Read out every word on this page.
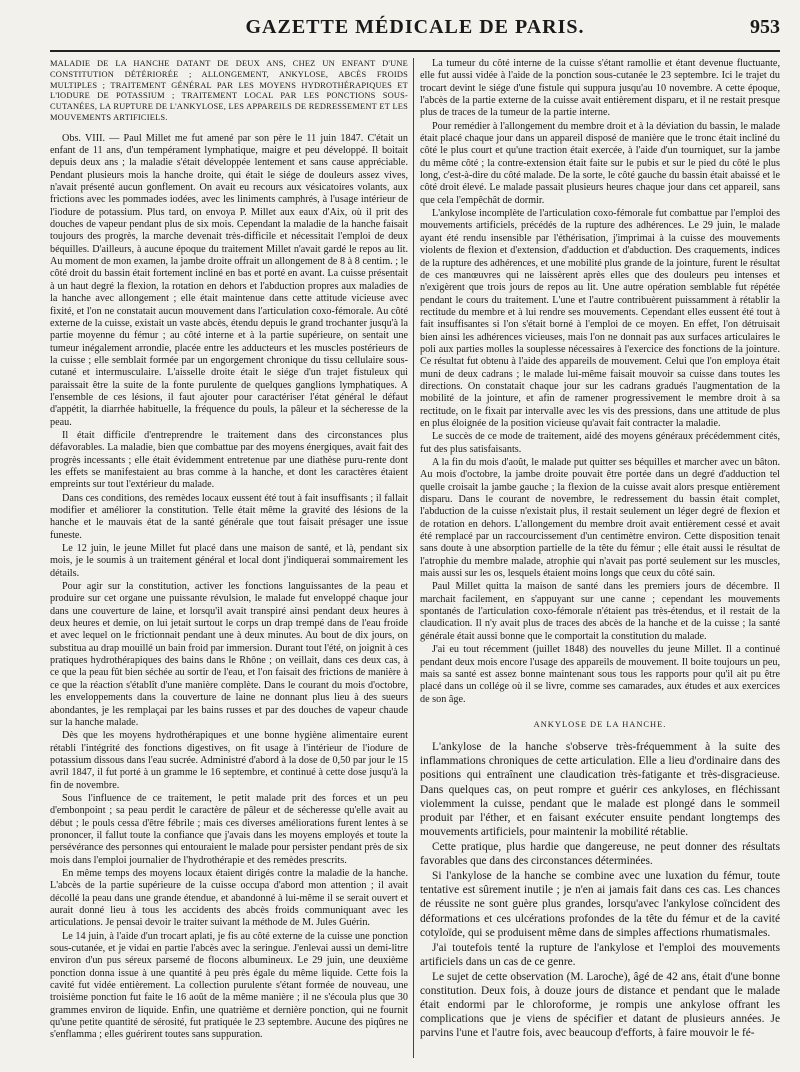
GAZETTE MÉDICALE DE PARIS.	953
MALADIE DE LA HANCHE DATANT DE DEUX ANS, CHEZ UN ENFANT D'UNE CONSTITUTION DÉTÉRIORÉE ; ALLONGEMENT, ANKYLOSE, ABCÈS FROIDS MULTIPLES ; TRAITEMENT GÉNÉRAL PAR LES MOYENS HYDROTHÉRAPIQUES ET L'IODURE DE POTASSIUM ; TRAITEMENT LOCAL PAR LES PONCTIONS SOUS-CUTANÉES, LA RUPTURE DE L'ANKYLOSE, LES APPAREILS DE REDRESSEMENT ET LES MOUVEMENTS ARTIFICIELS.

Obs. VIII. — Paul Millet me fut amené par son père le 11 juin 1847. C'était un enfant de 11 ans, d'un tempérament lymphatique, maigre et peu développé. Il boitait depuis deux ans ; la maladie s'était développée lentement et sans cause appréciable. Pendant plusieurs mois la hanche droite, qui était le siége de douleurs assez vives, n'avait présenté aucun gonflement. On avait eu recours aux vésicatoires volants, aux frictions avec les pommades iodées, avec les liniments camphrés, à l'usage intérieur de l'iodure de potassium. Plus tard, on envoya P. Millet aux eaux d'Aix, où il prit des douches de vapeur pendant plus de six mois. Cependant la maladie de la hanche faisait toujours des progrès, la marche devenait très-difficile et nécessitait l'emploi de deux béquilles. D'ailleurs, à aucune époque du traitement Millet n'avait gardé le repos au lit. Au moment de mon examen, la jambe droite offrait un allongement de 8 à 8 centim. ; le côté droit du bassin était fortement incliné en bas et porté en avant. La cuisse présentait à un haut degré la flexion, la rotation en dehors et l'abduction propres aux maladies de la hanche avec allongement ; elle était maintenue dans cette attitude vicieuse avec fixité, et l'on ne constatait aucun mouvement dans l'articulation coxo-fémorale. Au côté externe de la cuisse, existait un vaste abcès, étendu depuis le grand trochanter jusqu'à la partie moyenne du fémur ; au côté interne et à la partie supérieure, on sentait une tumeur inégalement arrondie, placée entre les adducteurs et les muscles postérieurs de la cuisse ; elle semblait formée par un engorgement chronique du tissu cellulaire sous-cutané et intermusculaire. L'aisselle droite était le siége d'un trajet fistuleux qui paraissait être la suite de la fonte purulente de quelques ganglions lymphatiques. A l'ensemble de ces lésions, il faut ajouter pour caractériser l'état général le défaut d'appétit, la diarrhée habituelle, la fréquence du pouls, la pâleur et la sécheresse de la peau.

Il était difficile d'entreprendre le traitement dans des circonstances plus défavorables. La maladie, bien que combattue par des moyens énergiques, avait fait des progrès incessants ; elle était évidemment entretenue par une diathèse puru-rente dont les effets se manifestaient au bras comme à la hanche, et dont les caractères étaient empreints sur tout l'extérieur du malade.

Dans ces conditions, des remèdes locaux eussent été tout à fait insuffisants ; il fallait modifier et améliorer la constitution. Telle était même la gravité des lésions de la hanche et le mauvais état de la santé générale que tout faisait présager une issue funeste.

Le 12 juin, le jeune Millet fut placé dans une maison de santé, et là, pendant six mois, je le soumis à un traitement général et local dont j'indiquerai sommairement les détails.

Pour agir sur la constitution, activer les fonctions languissantes de la peau et produire sur cet organe une puissante révulsion, le malade fut enveloppé chaque jour dans une couverture de laine, et lorsqu'il avait transpiré ainsi pendant deux heures à deux heures et demie, on lui jetait surtout le corps un drap trempé dans de l'eau froide et avec lequel on le frictionnait pendant une à deux minutes. Au bout de dix jours, on substitua au drap mouillé un bain froid par immersion. Durant tout l'été, on joignit à ces pratiques hydrothérapiques des bains dans le Rhône ; on veillait, dans ces deux cas, à ce que la peau fût bien séchée au sortir de l'eau, et l'on faisait des frictions de manière à ce que la réaction s'établît d'une manière complète. Dans le courant du mois d'octobre, les enveloppements dans la couverture de laine ne donnant plus lieu à des sueurs abondantes, je les remplaçai par les bains russes et par des douches de vapeur chaude sur la hanche malade.

Dès que les moyens hydrothérapiques et une bonne hygiène alimentaire eurent rétabli l'intégrité des fonctions digestives, on fit usage à l'intérieur de l'iodure de potassium dissous dans l'eau sucrée. Administré d'abord à la dose de 0,50 par jour le 15 avril 1847, il fut porté à un gramme le 16 septembre, et continué à cette dose jusqu'à la fin de novembre.

Sous l'influence de ce traitement, le petit malade prit des forces et un peu d'embonpoint ; sa peau perdit le caractère de pâleur et de sécheresse qu'elle avait au début ; le pouls cessa d'être fébrile ; mais ces diverses améliorations furent lentes à se prononcer, il fallut toute la confiance que j'avais dans les moyens employés et toute la persévérance des personnes qui entouraient le malade pour persister pendant près de six mois dans l'emploi journalier de l'hydrothérapie et des remèdes prescrits.

En même temps des moyens locaux étaient dirigés contre la maladie de la hanche. L'abcès de la partie supérieure de la cuisse occupa d'abord mon attention ; il avait décollé la peau dans une grande étendue, et abandonné à lui-même il se serait ouvert et aurait donné lieu à tous les accidents des abcès froids communiquant avec les articulations. Je pensai devoir le traiter suivant la méthode de M. Jules Guérin.

Le 14 juin, à l'aide d'un trocart aplati, je fis au côté externe de la cuisse une ponction sous-cutanée, et je vidai en partie l'abcès avec la seringue. J'enlevai aussi un demi-litre environ d'un pus séreux parsemé de flocons albumineux. Le 29 juin, une deuxième ponction donna issue à une quantité à peu près égale du même liquide. Cette fois la cavité fut vidée entièrement. La collection purulente s'étant formée de nouveau, une troisième ponction fut faite le 16 août de la même manière ; il ne s'écoula plus que 30 grammes environ de liquide. Enfin, une quatrième et dernière ponction, qui ne fournit qu'une petite quantité de sérosité, fut pratiquée le 23 septembre. Aucune des piqûres ne s'enflamma ; elles guérirent toutes sans suppuration.

La tumeur du côté interne de la cuisse s'étant ramollie et étant devenue fluctuante, elle fut aussi vidée à l'aide de la ponction sous-cutanée le 23 septembre. Ici le trajet du trocart devint le siége d'une fistule qui suppura jusqu'au 10 novembre. A cette époque, l'abcès de la partie externe de la cuisse avait entièrement disparu, et il ne restait presque plus de traces de la tumeur de la partie interne.

Pour remédier à l'allongement du membre droit et à la déviation du bassin, le malade était placé chaque jour dans un appareil disposé de manière que le tronc était incliné du côté le plus court et qu'une traction était exercée, à l'aide d'un tourniquet, sur la jambe du même côté ; la contre-extension était faite sur le pubis et sur le pied du côté le plus long, c'est-à-dire du côté malade. De la sorte, le côté gauche du bassin était abaissé et le côté droit élevé. Le malade passait plusieurs heures chaque jour dans cet appareil, sans que cela l'empêchât de dormir.

L'ankylose incomplète de l'articulation coxo-fémorale fut combattue par l'emploi des mouvements artificiels, précédés de la rupture des adhérences. Le 29 juin, le malade ayant été rendu insensible par l'éthérisation, j'imprimai à la cuisse des mouvements violents de flexion et d'extension, d'adduction et d'abduction. Des craquements, indices de la rupture des adhérences, et une mobilité plus grande de la jointure, furent le résultat de ces manœuvres qui ne laissèrent après elles que des douleurs peu intenses et n'exigèrent que trois jours de repos au lit. Une autre opération semblable fut répétée pendant le cours du traitement. L'une et l'autre contribuèrent puissamment à rétablir la rectitude du membre et à lui rendre ses mouvements. Cependant elles eussent été tout à fait insuffisantes si l'on s'était borné à l'emploi de ce moyen. En effet, l'on détruisait bien ainsi les adhérences vicieuses, mais l'on ne donnait pas aux surfaces articulaires le poli aux parties molles la souplesse nécessaires à l'exercice des fonctions de la jointure. Ce résultat fut obtenu à l'aide des appareils de mouvement. Celui que l'on employa était muni de deux cadrans ; le malade lui-même faisait mouvoir sa cuisse dans toutes les directions. On constatait chaque jour sur les cadrans gradués l'augmentation de la mobilité de la jointure, et afin de ramener progressivement le membre droit à sa rectitude, on le fixait par intervalle avec les vis des pressions, dans une attitude de plus en plus éloignée de la position vicieuse qu'avait fait contracter la maladie.

Le succès de ce mode de traitement, aidé des moyens généraux précédemment cités, fut des plus satisfaisants.

A la fin du mois d'août, le malade put quitter ses béquilles et marcher avec un bâton. Au mois d'octobre, la jambe droite pouvait être portée dans un degré d'adduction tel quelle croisait la jambe gauche ; la flexion de la cuisse avait alors presque entièrement disparu. Dans le courant de novembre, le redressement du bassin était complet, l'abduction de la cuisse n'existait plus, il restait seulement un léger degré de flexion et de rotation en dehors. L'allongement du membre droit avait entièrement cessé et avait été remplacé par un raccourcissement d'un centimètre environ. Cette disposition tenait sans doute à une absorption partielle de la tête du fémur ; elle était aussi le résultat de l'atrophie du membre malade, atrophie qui n'avait pas porté seulement sur les muscles, mais aussi sur les os, lesquels étaient moins longs que ceux du côté sain.

Paul Millet quitta la maison de santé dans les premiers jours de décembre. Il marchait facilement, en s'appuyant sur une canne ; cependant les mouvements spontanés de l'articulation coxo-fémorale n'étaient pas très-étendus, et il restait de la claudication. Il n'y avait plus de traces des abcès de la hanche et de la cuisse ; la santé générale était aussi bonne que le comportait la constitution du malade.

J'ai eu tout récemment (juillet 1848) des nouvelles du jeune Millet. Il a continué pendant deux mois encore l'usage des appareils de mouvement. Il boite toujours un peu, mais sa santé est assez bonne maintenant sous tous les rapports pour qu'il ait pu être placé dans un collége où il se livre, comme ses camarades, aux études et aux exercices de son âge.

ANKYLOSE DE LA HANCHE.

L'ankylose de la hanche s'observe très-fréquemment à la suite des inflammations chroniques de cette articulation. Elle a lieu d'ordinaire dans des positions qui entraînent une claudication très-fatigante et très-disgracieuse. Dans quelques cas, on peut rompre et guérir ces ankyloses, en fléchissant violemment la cuisse, pendant que le malade est plongé dans le sommeil produit par l'éther, et en faisant exécuter ensuite pendant longtemps des mouvements artificiels, pour maintenir la mobilité rétablie.

Cette pratique, plus hardie que dangereuse, ne peut donner des résultats favorables que dans des circonstances déterminées.

Si l'ankylose de la hanche se combine avec une luxation du fémur, toute tentative est sûrement inutile ; je n'en ai jamais fait dans ces cas. Les chances de réussite ne sont guère plus grandes, lorsqu'avec l'ankylose coïncident des déformations et ces ulcérations profondes de la tête du fémur et de la cavité cotyloïde, qui se produisent même dans de simples affections rhumatismales.

J'ai toutefois tenté la rupture de l'ankylose et l'emploi des mouvements artificiels dans un cas de ce genre.

Le sujet de cette observation (M. Laroche), âgé de 42 ans, était d'une bonne constitution. Deux fois, à douze jours de distance et pendant que le malade était endormi par le chloroforme, je rompis une ankylose offrant les complications que je viens de spécifier et datant de plusieurs années. Je parvins l'une et l'autre fois, avec beaucoup d'efforts, à faire mouvoir le fé-
